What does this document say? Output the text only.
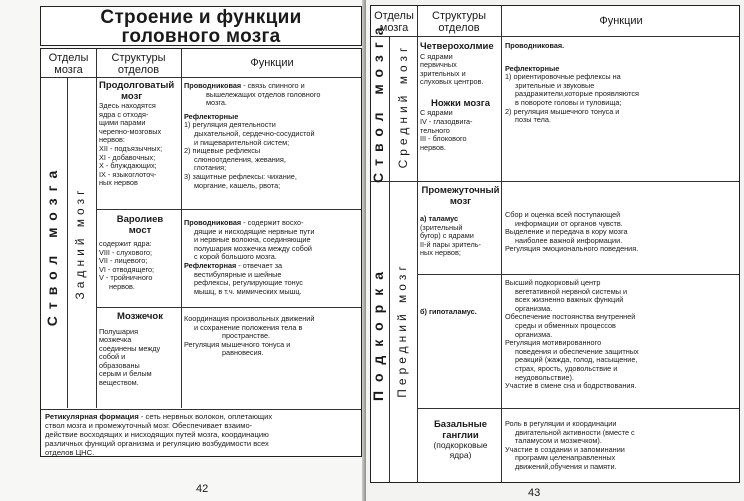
Строение и функции
головного мозга
Отделы
мозга
Структуры
отделов
Функции
Ствол мозга	Задний мозг
Продолговатый
мозг

Здесь находятся

ядра с отходя-

щими парами

черепно-мозговых

нервов:

XII - подъязычных;

XI - добавочных;

X - блуждающих;

IX - языкоглоточ-

ных нервов

Проводниковая - связь спинного и

вышележащих отделов головного

мозга.

Рефлекторные

1) регуляция деятельности

дыхательной, сердечно-сосудистой

и пищеварительной систем;

2) пищевые рефлексы

слюноотделения, жевания,

глотания;

3) защитные рефлексы: чихание,

моргание, кашель, рвота;

Варолиев
мост

содержит ядра:

VIII - слухового;

VII - лицевого;

VI - отводящего;

V - тройничного

нервов.

Проводниковая - содержит восхо-

дящие и нисходящие нервные пути

и нервные волокна, соединяющие

полушария мозжечка между собой

с корой большого мозга.

Рефлекторная - отвечает за

вестибулярные и шейные

рефлексы, регулирующие тонус

мышц, в т.ч. мимических мышц.

Мозжечок

Полушария

мозжечка

соединены между

собой и

образованы

серым и белым

веществом.

Координация произвольных движений

и сохранение положения тела в

пространстве.

Регуляция мышечного тонуса и

равновесия.

Ретикулярная формация - сеть нервных волокон, оплетающих

ствол мозга и промежуточный мозг. Обеспечивает взаимо-

действие восходящих и нисходящих путей мозга, координацию

различных функций организма и регуляцию возбудимости всех

отделов ЦНС.

42
Отделы
мозга
Структуры
отделов
Функции
Ствол мозга Средний мозг
Подкорка Передний мозг
Четверохолмие

С ядрами

первичных

зрительных и

слуховых центров.

Ножки мозга

С ядрами

IV - глазодвига-

тельного

III - блокового

нервов.

Проводниковая.

Рефлекторные

1) ориентировочные рефлексы на

зрительные и звуковые

раздражители,которые проявляются

в повороте головы и туловища;

2) регуляция мышечного тонуса и

позы тела.

Промежуточный
мозг

а) таламус

(зрительный

бугор) с ядрами

II-й пары зритель-

ных нервов;

б) гипоталамус.

Сбор и оценка всей поступающей

информации от органов чувств.

Выделение и передача в кору мозга

наиболее важной информации.

Регуляция эмоционального поведения.

Высший подкорковый центр

вегетативной нервной системы и

всех жизненно важных функций

организма.

Обеспечение постоянства внутренней

среды и обменных процессов

организма.

Регуляция мотивированного

поведения и обеспечение защитных

реакций (жажда, голод, насыщение,

страх, ярость, удовольствие и

неудовольствие).

Участие в смене сна и бодрствования.

Базальные
ганглии
(подкорковые
ядра)

Роль в регуляции и координации

двигательной активности (вместе с

таламусом и мозжечком).

Участие в создании и запоминании

программ целенаправленных

движений,обучения и памяти.

43
